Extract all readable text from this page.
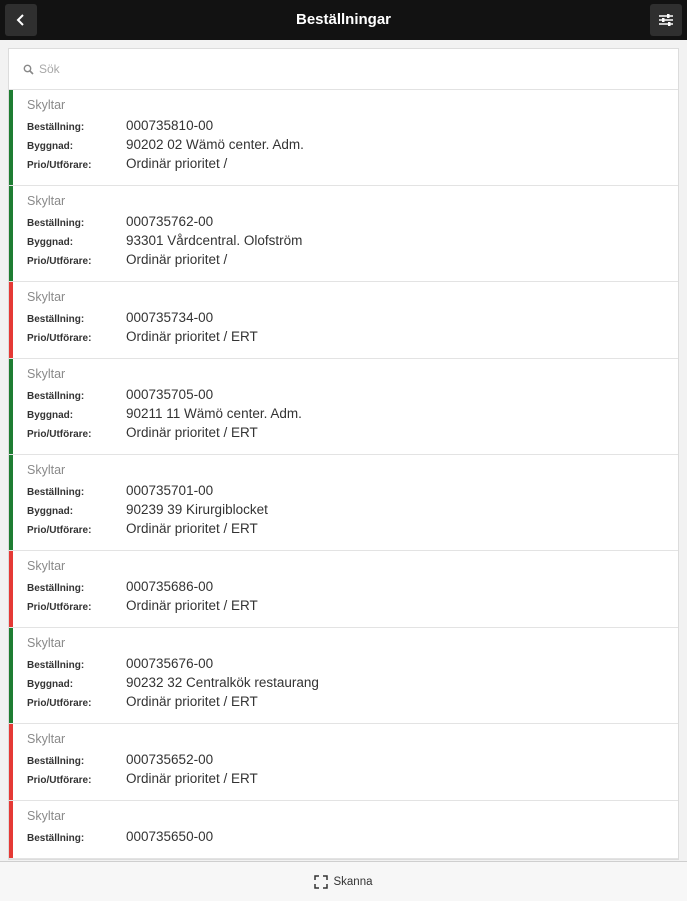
Beställningar
Sök
Skyltar
Beställning:	000735810-00
Byggnad:	90202 02 Wämö center. Adm.
Prio/Utförare:	Ordinär prioritet /
Skyltar
Beställning:	000735762-00
Byggnad:	93301 Vårdcentral. Olofström
Prio/Utförare:	Ordinär prioritet /
Skyltar
Beställning:	000735734-00
Prio/Utförare:	Ordinär prioritet / ERT
Skyltar
Beställning:	000735705-00
Byggnad:	90211 11 Wämö center. Adm.
Prio/Utförare:	Ordinär prioritet / ERT
Skyltar
Beställning:	000735701-00
Byggnad:	90239 39 Kirurgiblocket
Prio/Utförare:	Ordinär prioritet / ERT
Skyltar
Beställning:	000735686-00
Prio/Utförare:	Ordinär prioritet / ERT
Skyltar
Beställning:	000735676-00
Byggnad:	90232 32 Centralkök restaurang
Prio/Utförare:	Ordinär prioritet / ERT
Skyltar
Beställning:	000735652-00
Prio/Utförare:	Ordinär prioritet / ERT
Skyltar
Beställning:	000735650-00
Skanna
